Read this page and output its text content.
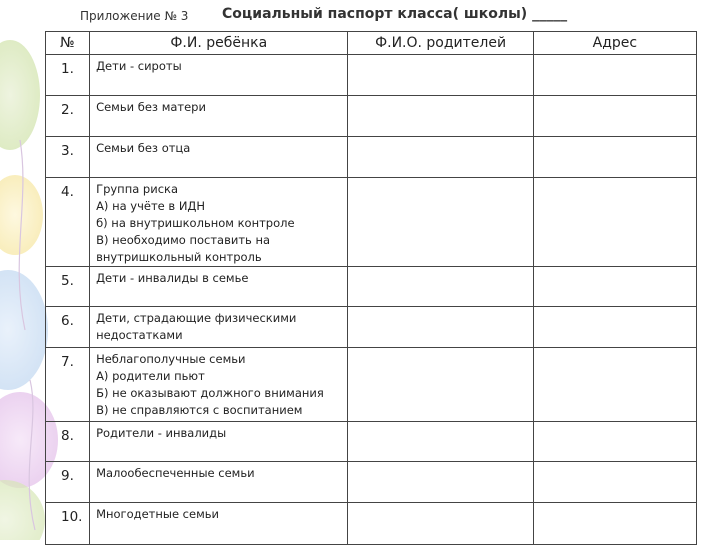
Приложение № 3 Социальный паспорт класса( школы) _____
№	Ф.И. ребёнка	Ф.И.О. родителей	Адрес
1.	Дети - сироты		

2.	Семьи без матери		

3.	Семьи без отца		

4.	Группа риска
А) на учёте в ИДН
б) на внутришкольном контроле
В) необходимо поставить на
внутришкольный контроль		

5.	Дети - инвалиды в семье		

6.	Дети, страдающие физическими
недостатками		

7.	Неблагополучные семьи
А) родители пьют
Б) не оказывают должного внимания
В) не справляются с воспитанием		

8.	Родители - инвалиды		

9.	Малообеспеченные семьи		

10.	Многодетные семьи		
